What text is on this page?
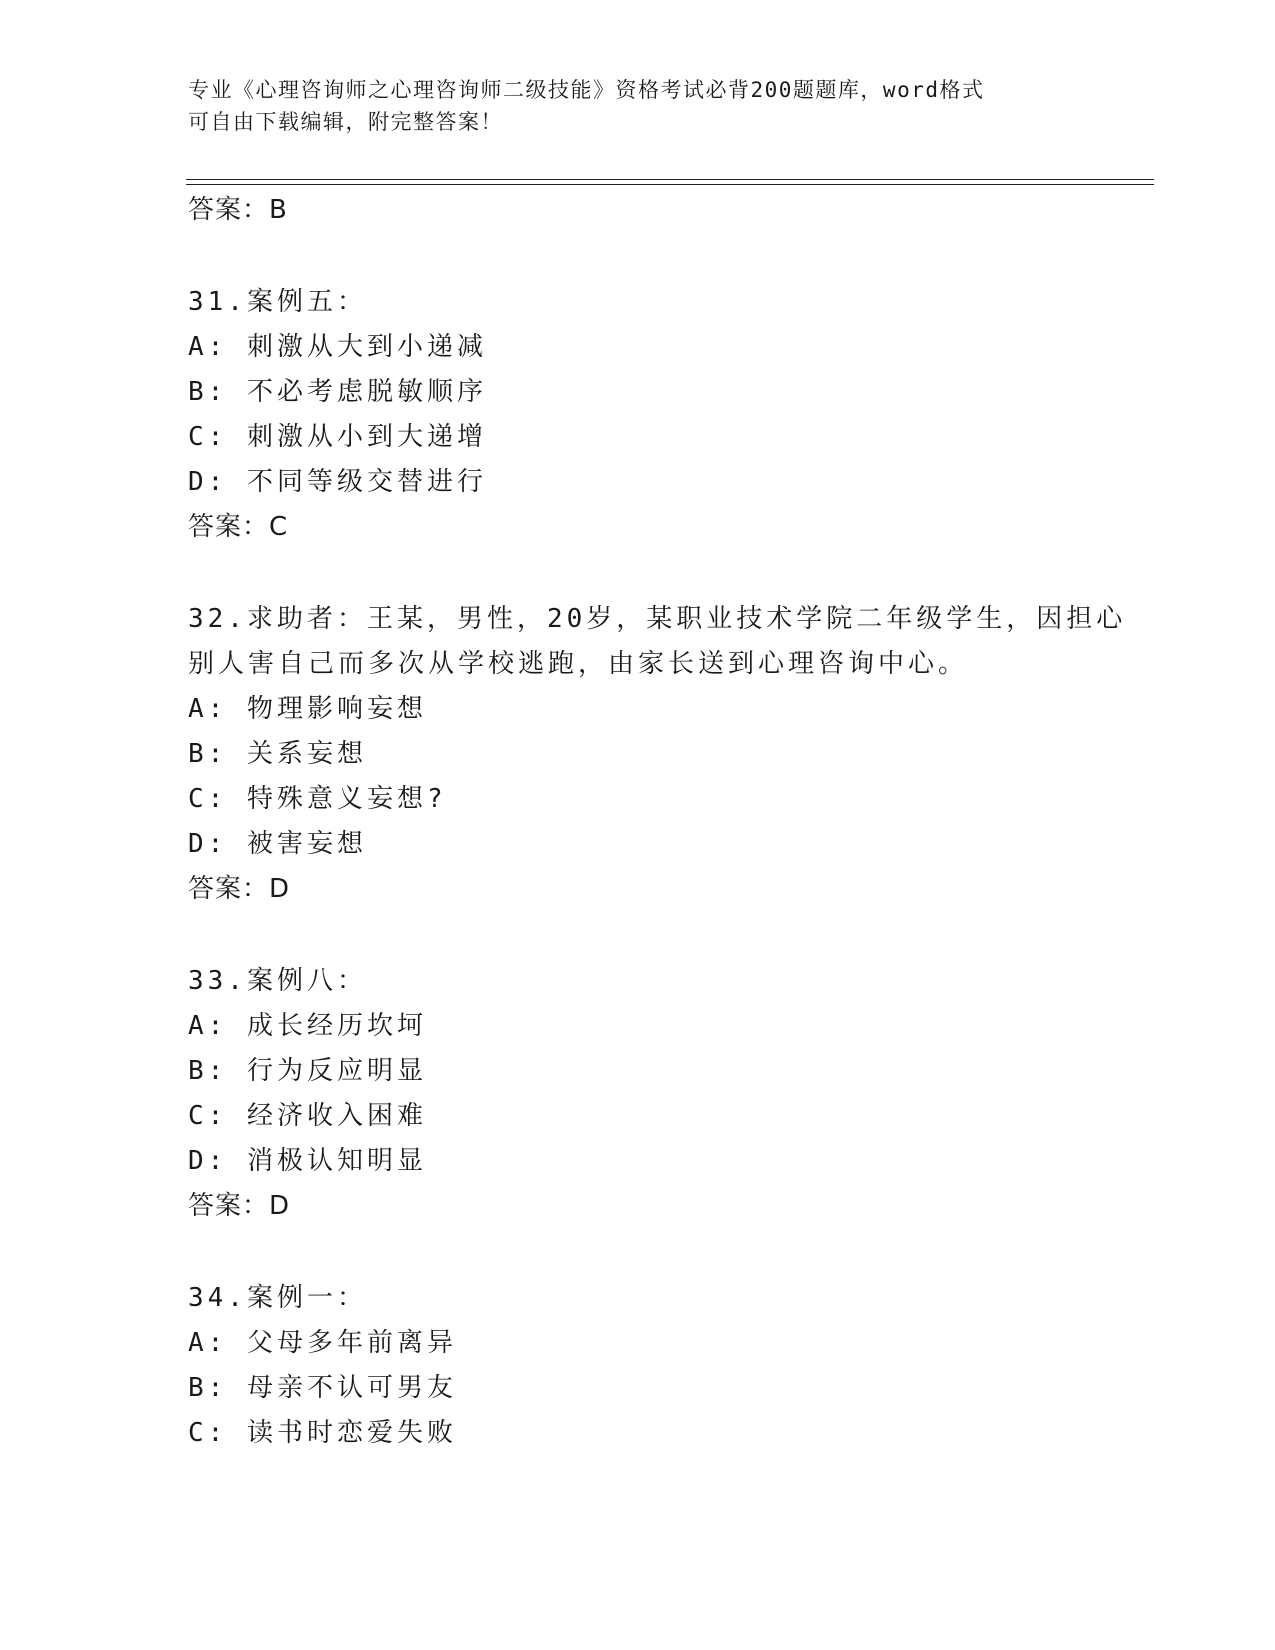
专业《心理咨询师之心理咨询师二级技能》资格考试必背200题题库，word格式
可自由下载编辑，附完整答案！
答案：B
31.案例五：
A: 刺激从大到小递减
B: 不必考虑脱敏顺序
C: 刺激从小到大递增
D: 不同等级交替进行
答案：C
32.求助者：王某，男性，20岁，某职业技术学院二年级学生，因担心
别人害自己而多次从学校逃跑，由家长送到心理咨询中心。
A: 物理影响妄想
B: 关系妄想
C: 特殊意义妄想?
D: 被害妄想
答案：D
33.案例八：
A: 成长经历坎坷
B: 行为反应明显
C: 经济收入困难
D: 消极认知明显
答案：D
34.案例一：
A: 父母多年前离异
B: 母亲不认可男友
C: 读书时恋爱失败
